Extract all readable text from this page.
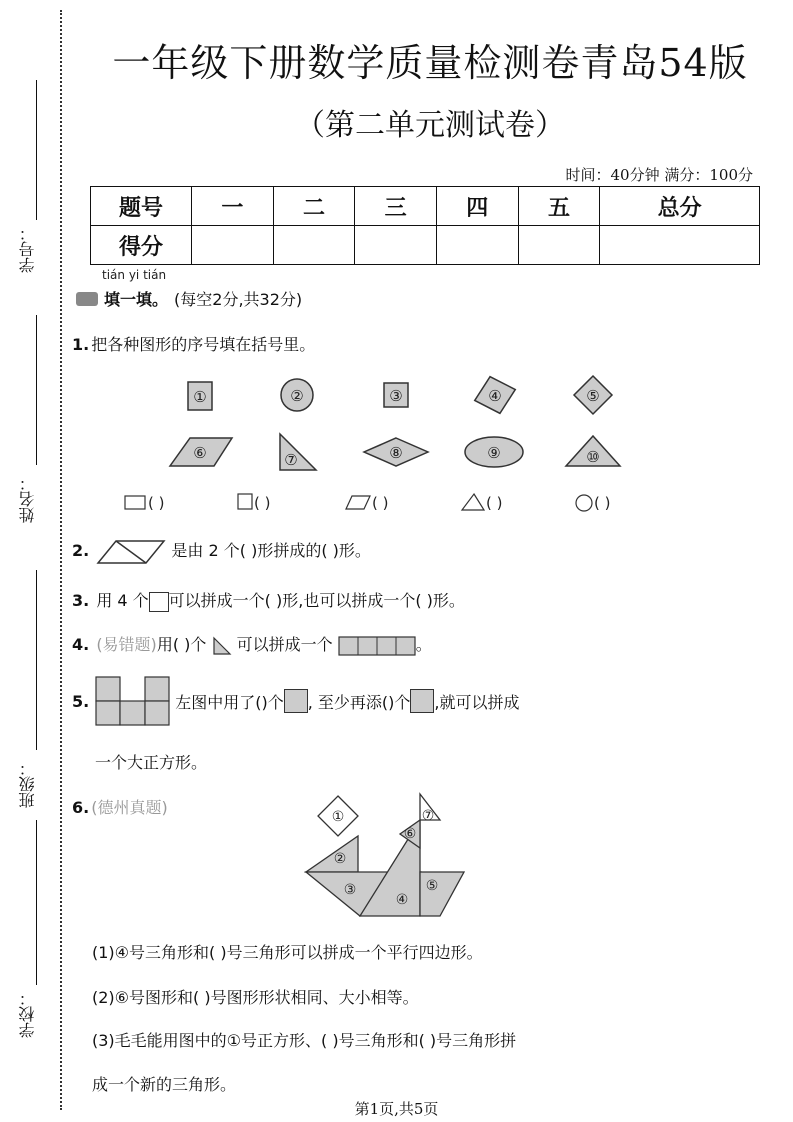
学号：
姓名：
班级：
学校：
一年级下册数学质量检测卷青岛54版
（第二单元测试卷）
时间：40分钟 满分：100分
题号	一	二	三	四	五	总分
得分						
tián yi tián
填一填。 (每空2分,共32分)
1. 把各种图形的序号填在括号里。
①	②	③	④	⑤
⑥	⑦	⑧	⑨	⑩
( )	( )	( )	( )	( )
2.	是由 2 个( )形拼成的( )形。
3. 用 4 个 可以拼成一个( )形,也可以拼成一个( )形。
4. (易错题)用( )个 可以拼成一个	。
5.	左图中用了( )个 , 至少再添( )个 ,就可以拼成
一个大正方形。
6. (德州真题)	①
②
③
④
⑤
⑥
⑦
(1)④号三角形和( )号三角形可以拼成一个平行四边形。
(2)⑥号图形和( )号图形形状相同、大小相等。
(3)毛毛能用图中的①号正方形、( )号三角形和( )号三角形拼
成一个新的三角形。
第1页,共5页
